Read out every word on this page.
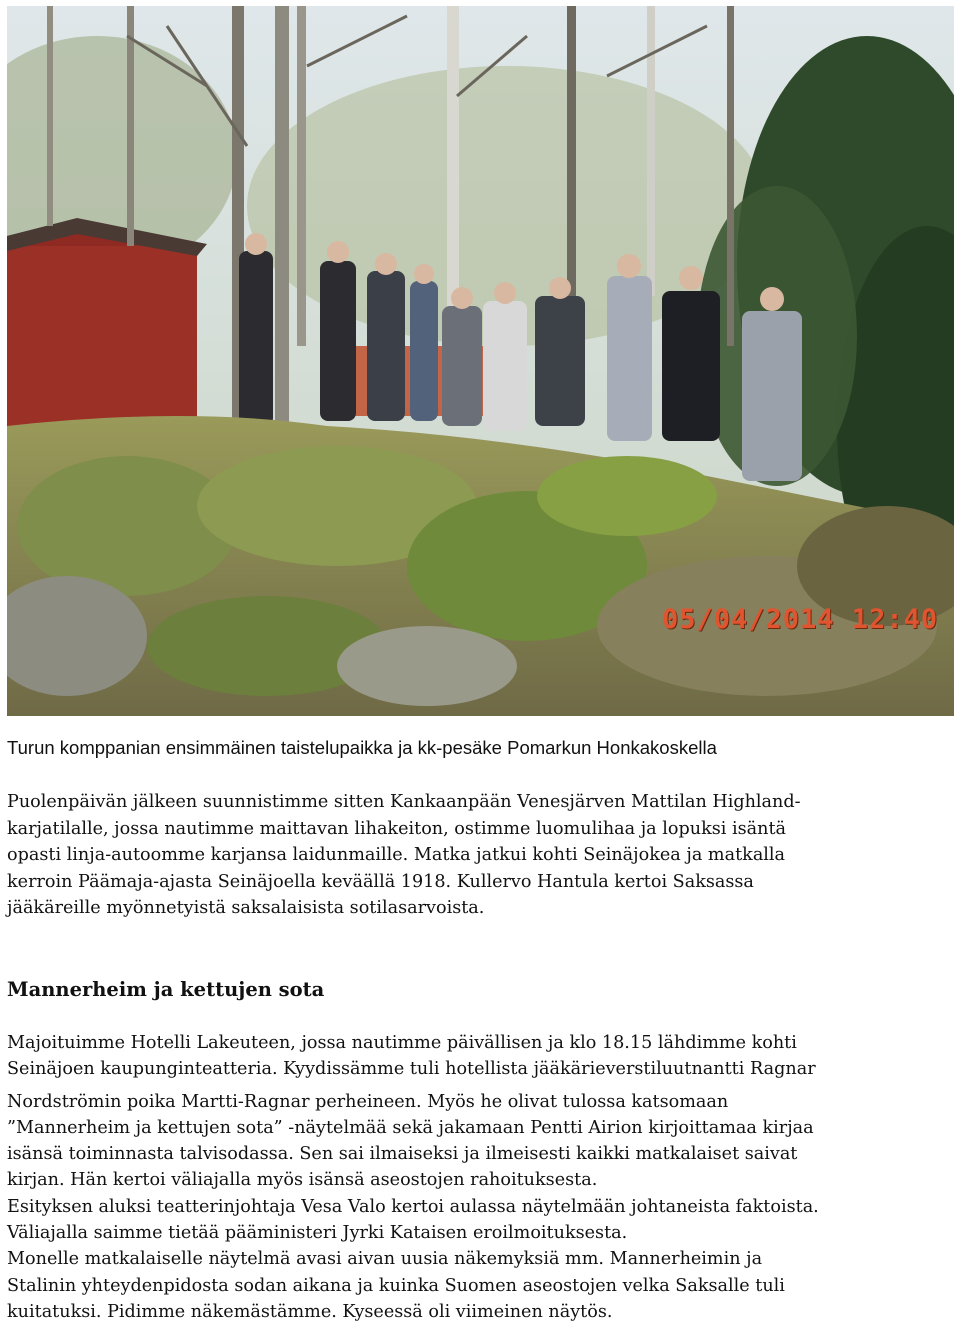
05/04/2014 12:40
Turun komppanian ensimmäinen taistelupaikka ja kk-pesäke Pomarkun Honkakoskella
Puolenpäivän jälkeen suunnistimme sitten Kankaanpään Venesjärven Mattilan Highland-
karjatilalle, jossa nautimme maittavan lihakeiton, ostimme luomulihaa ja lopuksi isäntä
opasti linja-autoomme karjansa laidunmaille. Matka jatkui kohti Seinäjokea ja matkalla
kerroin Päämaja-ajasta Seinäjoella keväällä 1918. Kullervo Hantula kertoi Saksassa
jääkäreille myönnetyistä saksalaisista sotilasarvoista.
Mannerheim ja kettujen sota
Majoituimme Hotelli Lakeuteen, jossa nautimme päivällisen ja klo 18.15 lähdimme kohti
Seinäjoen kaupunginteatteria. Kyydissämme tuli hotellista jääkärieverstiluutnantti Ragnar
Nordströmin poika Martti-Ragnar perheineen. Myös he olivat tulossa katsomaan
”Mannerheim ja kettujen sota” -näytelmää sekä jakamaan Pentti Airion kirjoittamaa kirjaa
isänsä toiminnasta talvisodassa. Sen sai ilmaiseksi ja ilmeisesti kaikki matkalaiset saivat
kirjan. Hän kertoi väliajalla myös isänsä aseostojen rahoituksesta.
Esityksen aluksi teatterinjohtaja Vesa Valo kertoi aulassa näytelmään johtaneista faktoista.
Väliajalla saimme tietää pääministeri Jyrki Kataisen eroilmoituksesta.
Monelle matkalaiselle näytelmä avasi aivan uusia näkemyksiä mm. Mannerheimin ja
Stalinin yhteydenpidosta sodan aikana ja kuinka Suomen aseostojen velka Saksalle tuli
kuitatuksi. Pidimme näkemästämme. Kyseessä oli viimeinen näytös.
